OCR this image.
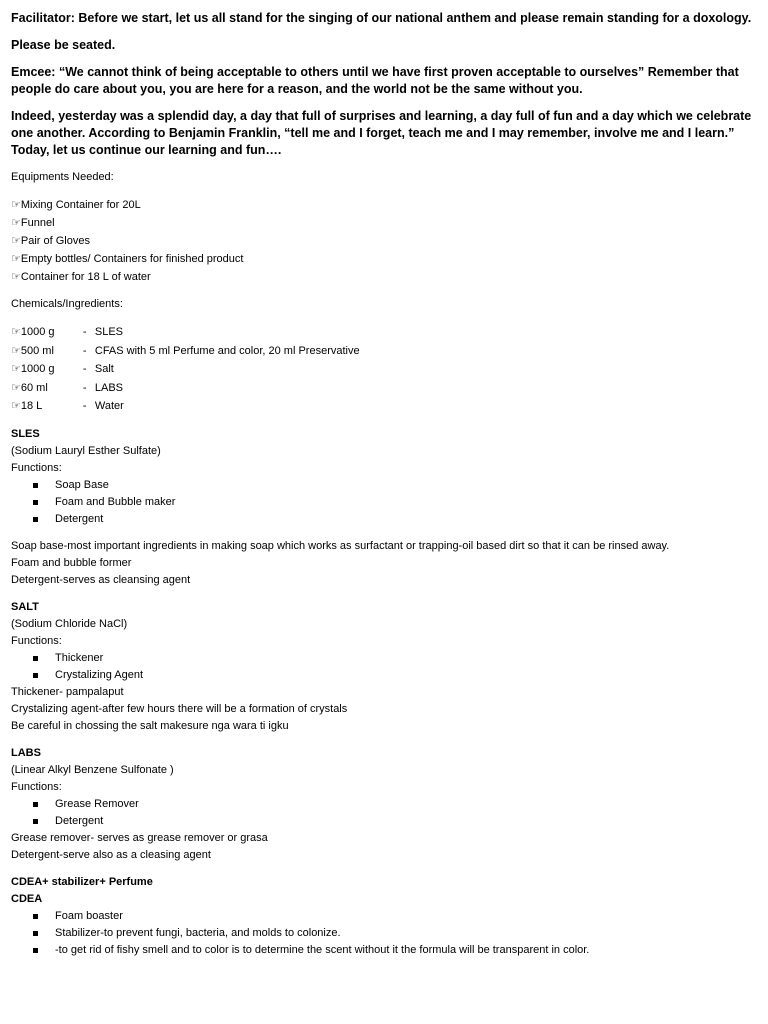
Facilitator: Before we start, let us all stand for the singing of our national anthem and please remain standing for a doxology.

Please be seated.

Emcee: “We cannot think of being acceptable to others until we have first proven acceptable to ourselves” Remember that people do care about you, you are here for a reason, and the world not be the same without you.

Indeed, yesterday was a splendid day, a day that full of surprises and learning, a day full of fun and a day which we celebrate one another. According to Benjamin Franklin, “tell me and I forget, teach me and I may remember, involve me and I learn.” Today, let us continue our learning and fun….

Equipments Needed:

☞Mixing Container for 20L

☞Funnel

☞Pair of Gloves

☞Empty bottles/ Containers for finished product

☞Container for 18 L of water

Chemicals/Ingredients:

☞ 1000 g	- SLES
☞ 500 ml	- CFAS with 5 ml Perfume and color, 20 ml Preservative
☞ 1000 g	- Salt
☞ 60 ml	- LABS
☞ 18 L	- Water

SLES

(Sodium Lauryl Esther Sulfate)

Functions:

Soap Base
Foam and Bubble maker
Detergent

Soap base-most important ingredients in making soap which works as surfactant or trapping-oil based dirt so that it can be rinsed away.

Foam and bubble former

Detergent-serves as cleansing agent

SALT

(Sodium Chloride NaCl)

Functions:

Thickener
Crystalizing Agent

Thickener- pampalaput

Crystalizing agent-after few hours there will be a formation of crystals

Be careful in chossing the salt makesure nga wara ti igku

LABS

(Linear Alkyl Benzene Sulfonate )

Functions:

Grease Remover
Detergent

Grease remover- serves as grease remover or grasa

Detergent-serve also as a cleasing agent

CDEA+ stabilizer+ Perfume

CDEA

Foam boaster
Stabilizer-to prevent fungi, bacteria, and molds to colonize.
-to get rid of fishy smell and to color is to determine the scent without it the formula will be transparent in color.
